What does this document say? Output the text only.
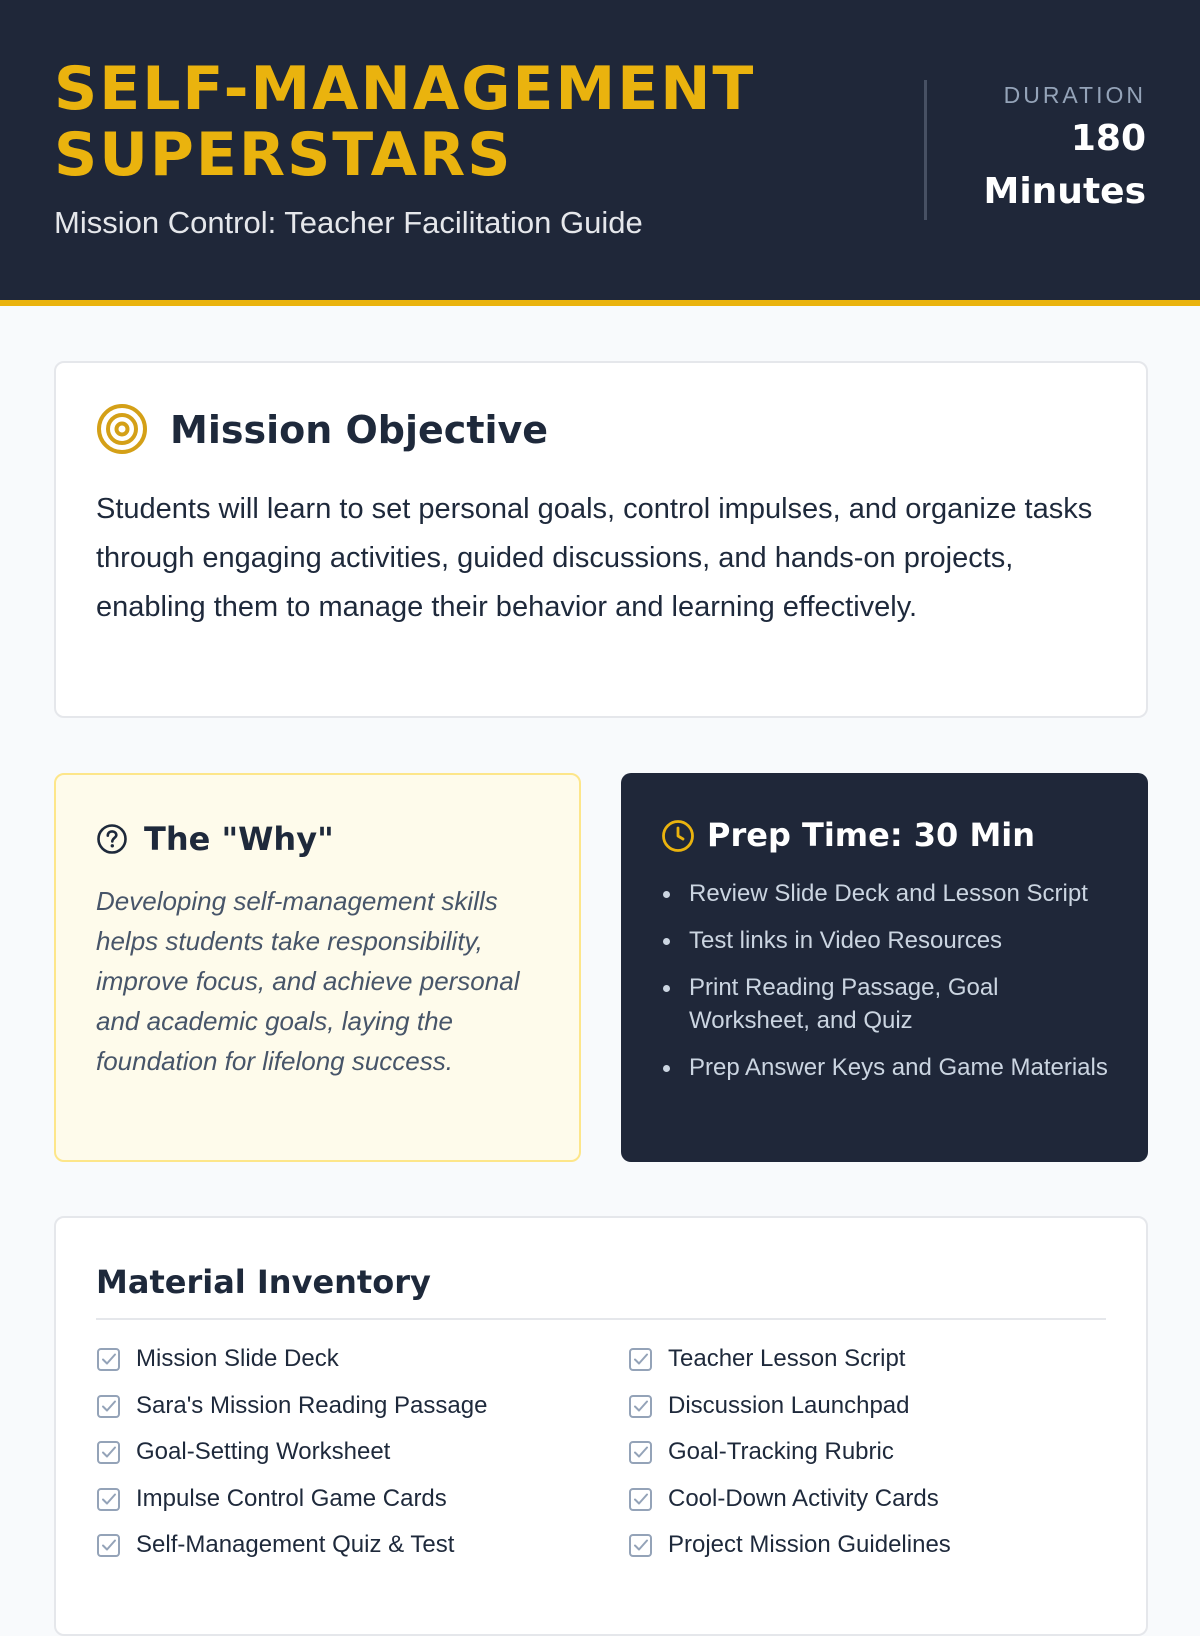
SELF-MANAGEMENT SUPERSTARS
Mission Control: Teacher Facilitation Guide
DURATION
180 Minutes
Mission Objective

Students will learn to set personal goals, control impulses, and organize tasks through engaging activities, guided discussions, and hands-on projects, enabling them to manage their behavior and learning effectively.

The "Why"

Developing self-management skills helps students take responsibility, improve focus, and achieve personal and academic goals, laying the foundation for lifelong success.

Prep Time: 30 Min
Review Slide Deck and Lesson Script
Test links in Video Resources
Print Reading Passage, Goal Worksheet, and Quiz
Prep Answer Keys and Game Materials
Material Inventory
Mission Slide Deck
Sara's Mission Reading Passage
Goal-Setting Worksheet
Impulse Control Game Cards
Self-Management Quiz & Test
Teacher Lesson Script
Discussion Launchpad
Goal-Tracking Rubric
Cool-Down Activity Cards
Project Mission Guidelines
